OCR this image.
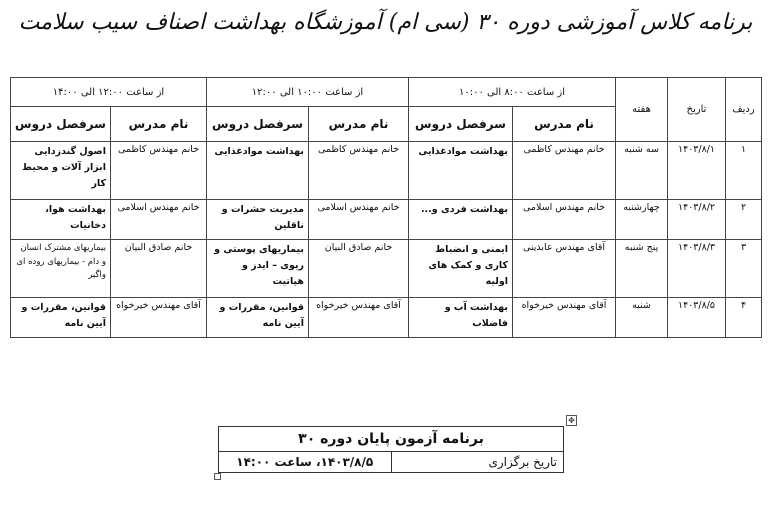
برنامه کلاس آموزشی دوره ۳۰ (سی ام) آموزشگاه بهداشت اصناف سیب سلامت
ردیف	تاریخ	هفته	از ساعت ۸:۰۰ الی ۱۰:۰۰		از ساعت ۱۰:۰۰ الی ۱۲:۰۰		از ساعت ۱۲:۰۰ الی ۱۴:۰۰	
			نام مدرس	سرفصل دروس	نام مدرس	سرفصل دروس	نام مدرس	سرفصل دروس
۱	۱۴۰۳/۸/۱	سه شنبه	خانم مهندس کاظمی	بهداشت موادغذایی	خانم مهندس کاظمی	بهداشت موادغذایی	خانم مهندس کاظمی	اصول گندزدایی ابزار آلات و محیط کار
۲	۱۴۰۳/۸/۲	چهارشنبه	خانم مهندس اسلامی	بهداشت فردی و...	خانم مهندس اسلامی	مدیریت حشرات و ناقلین	خانم مهندس اسلامی	بهداشت هوا، دخانیات
۳	۱۴۰۳/۸/۳	پنج شنبه	آقای مهندس عابدینی	ایمنی و انضباط کاری و کمک های اولیه	خانم صادق البیان	بیماریهای پوستی و ریوی – ایدز و هپاتیت	خانم صادق البیان	بیماریهای مشترک انسان و دام - بیماریهای روده ای واگیر
۴	۱۴۰۳/۸/۵	شنبه	آقای مهندس خیرخواه	بهداشت آب و فاضلاب	آقای مهندس خیرخواه	قوانین، مقررات و آیین نامه	آقای مهندس خیرخواه	قوانین، مقررات و آیین نامه
✥
برنامه آزمون پایان دوره ۳۰
تاریخ برگزاری	۱۴۰۳/۸/۵، ساعت ۱۴:۰۰
